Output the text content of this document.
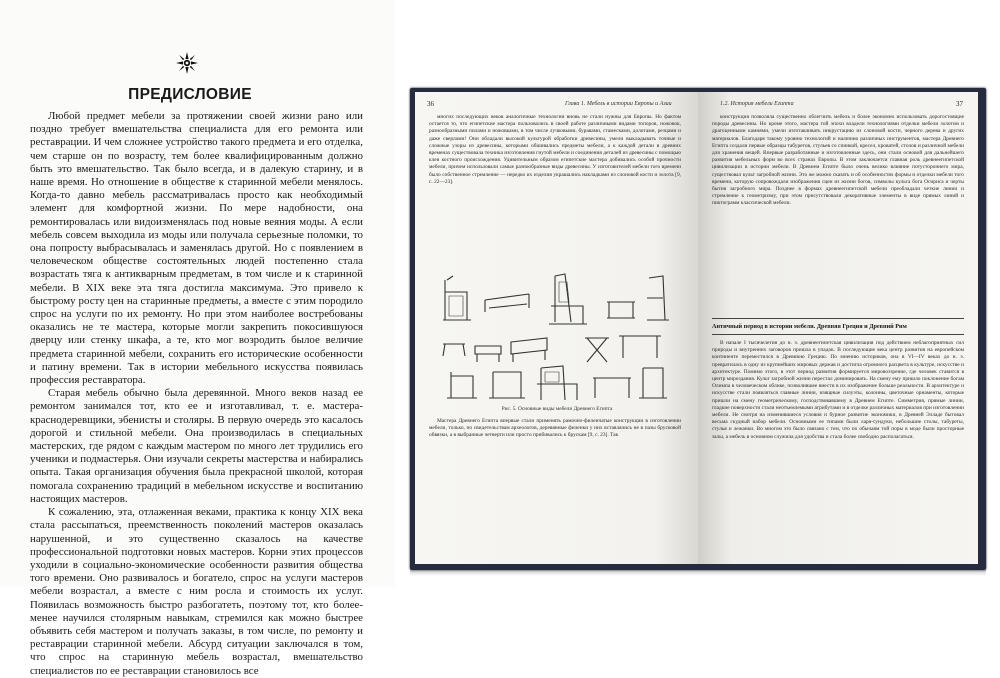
ПРЕДИСЛОВИЕ

Любой предмет мебели за протяжении своей жизни рано или поздно требует вмешательства специалиста для его ремонта или реставрации. И чем сложнее устройство такого предмета и его отделка, чем старше он по возрасту, тем более квалифицированным должно быть это вмешательство. Так было всегда, и в далекую старину, и в наше время. Но отношение в обществе к старинной мебели менялось. Когда-то давно мебель рассматривалась просто как необходимый элемент для комфортной жизни. По мере надобности, она ремонтировалась или видоизменялась под новые веяния моды. А если мебель совсем выходила из моды или получала серьезные поломки, то она попросту выбрасывалась и заменялась другой. Но с появлением в человеческом обществе состоятельных людей постепенно стала возрастать тяга к антикварным предметам, в том числе и к старинной мебели. В XIX веке эта тяга достигла максимума. Это привело к быстрому росту цен на старинные предметы, а вместе с этим породило спрос на услуги по их ремонту. Но при этом наиболее востребованы оказались не те мастера, которые могли закрепить покосившуюся дверцу или стенку шкафа, а те, кто мог возродить былое величие предмета старинной мебели, сохранить его исторические особенности и патину времени. Так в истории мебельного искусства появилась профессия реставратора.

Старая мебель обычно была деревянной. Много веков назад ее ремонтом занимался тот, кто ее и изготавливал, т. е. мастера-краснодеревщики, эбенисты и столяры. В первую очередь это касалось дорогой и стильной мебели. Она производилась в специальных мастерских, где рядом с каждым мастером по много лет трудились его ученики и подмастерья. Они изучали секреты мастерства и набирались опыта. Такая организация обучения была прекрасной школой, которая помогала сохранению традиций в мебельном искусстве и воспитанию настоящих мастеров.

К сожалению, эта, отлаженная веками, практика к концу XIX века стала рассыпаться, преемственность поколений мастеров оказалась нарушенной, и это существенно сказалось на качестве профессиональной подготовки новых мастеров. Корни этих процессов уходили в социально-экономические особенности развития общества того времени. Оно развивалось и богатело, спрос на услуги мастеров мебели возрастал, а вместе с ним росла и стоимость их услуг. Появилась возможность быстро разбогатеть, поэтому тот, кто более-менее научился столярным навыкам, стремился как можно быстрее объявить себя мастером и получать заказы, в том числе, по ремонту и реставрации старинной мебели. Абсурд ситуации заключался в том, что спрос на старинную мебель возрастал, вмешательство специалистов по ее реставрации становилось все

36	Глава 1. Мебель в истории Европы и Азии

многих последующих веков аналогичные технологии вновь не стали нужны для Европы. Но фактом остается то, что египетские мастера пользовались в своей работе различными видами топоров, ножовок, разнообразными пилами и ножовками, в том числе лучковыми, буравами, стамесками, долотами, резцами и даже сверлами! Они обладали высокой культурой обработки древесины, умели выкладывать точные и сложные узоры из древесины, которыми обшивались предметы мебели, а к каждой детали в древних временах существовала техника изготовления гнутой мебели и соединения деталей из древесины с помощью клея костного происхождения. Удивительным образом египетские мастера добивались особой прочности мебели, причем использовали самые разнообразные виды древесины. У изготовителей мебели того времени было собственное стремление — нередко их изделия украшались накладками из слоновой кости и золота [9, с. 22—23].

Рис. 5. Основные виды мебели Древнего Египта

Мастера Древнего Египта впервые стали применять рамочно-филенчатые конструкции в изготовлении мебели, только, по свидетельствам археологов, деревянные филенки у них вставлялись не в пазы брусковой обвязки, а в выбранные четверти или просто прибивались к брускам [9, с. 23]. Так

1.2. История мебели Египта	37

конструкция позволяла существенно облегчить мебель и более экономно использовать дорогостоящие породы древесины. Но кроме этого, мастера той эпохи владели технологиями отделки мебели золотом и драгоценными камнями, умели изготавливать инкрустацию из слоновой кости, черного дерева и других материалов. Благодаря такому уровню технологий и наличию различных инструментов, мастера Древнего Египта создали первые образцы табуретов, стульев со спинкой, кресел, кроватей, столов и различной мебели для хранения вещей. Впервые разработанные и изготовленные здесь, они стали основой для дальнейшего развития мебельных форм во всех странах Европы. В этом заключается главная роль древнеегипетской цивилизации в истории мебели. В Древнем Египте было очень велико влияние потустороннего мира, существовал культ загробной жизни. Это же можно сказать и об особенностях формы и отделки мебели того времени, которую сопровождали изображения сцен из жизни богов, символы культа бога Осириса и черты бытия загробного мира. Позднее в формах древнеегипетской мебели преобладали четкие линии и стремление к геометризму, при этом присутствовали декоративные элементы в виде прямых линий и пиктограмм классической мебели.

Античный период в истории мебели. Древняя Греция и Древний Рим

В начале I тысячелетия до н. э. древнеегипетская цивилизация под действием неблагоприятных сил природы и внутренних заговоров пришла в упадок. В последующие века центр развития на европейском континенте переместился в Древнюю Грецию. По мнению историков, она в VI—IV веках до н. э. превратилась в одну из крупнейших мировых держав и достигла огромного расцвета в культуре, искусстве и архитектуре. Помимо этого, в этот период развития формируется мировоззрение, где человек ставится в центр мироздания. Культ загробной жизни перестал доминировать. На смену ему пришло поклонение богам Олимпа в человеческом облике, позволившее внести в их изображение больше реальности. В архитектуре и искусстве стали появляться главные линии, изящные силуэты, колонны, цветочные орнаменты, которые пришли на смену геометрическому, господствовавшему в Древнем Египте. Симметрия, прямые линии, гладкие поверхности стали неотъемлемыми атрибутами и в отделке различных материалов при изготовлении мебели. Не смотря на изменившиеся условия и бурное развитие экономики, в Древней Элладе бытовал весьма скудный набор мебели. Основными ее типами были ларя-сундуки, небольшие столы, табуреты, стулья и лежанки. Во многом это было связано с тем, что по обычаям той поры в моде были просторные залы, а мебель в основном служила для удобства и стала более свободно располагаться.
